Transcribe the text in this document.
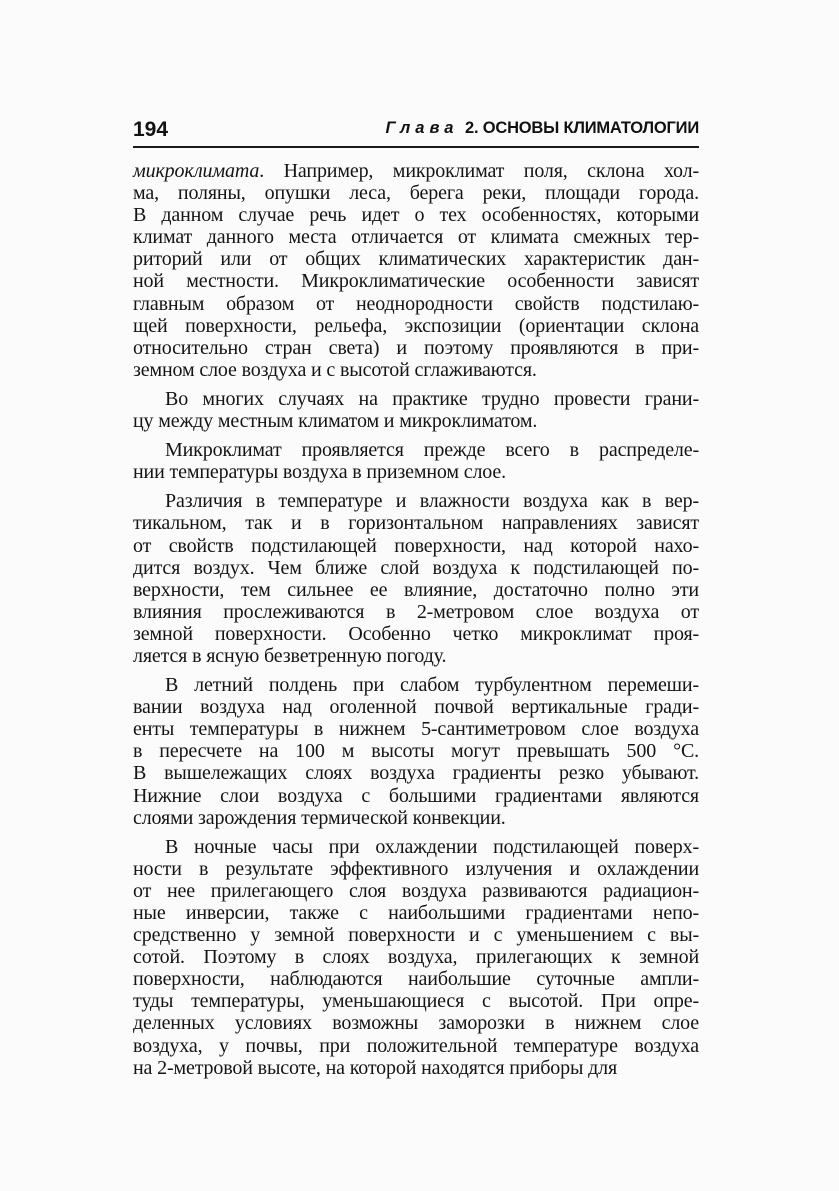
194	Глава 2. ОСНОВЫ КЛИМАТОЛОГИИ
микроклимата. Например, микроклимат поля, склона хол-
ма, поляны, опушки леса, берега реки, площади города.
В данном случае речь идет о тех особенностях, которыми
климат данного места отличается от климата смежных тер-
риторий или от общих климатических характеристик дан-
ной местности. Микроклиматические особенности зависят
главным образом от неоднородности свойств подстилаю-
щей поверхности, рельефа, экспозиции (ориентации склона
относительно стран света) и поэтому проявляются в при-
земном слое воздуха и с высотой сглаживаются.
Во многих случаях на практике трудно провести грани-
цу между местным климатом и микроклиматом.
Микроклимат проявляется прежде всего в распределе-
нии температуры воздуха в приземном слое.
Различия в температуре и влажности воздуха как в вер-
тикальном, так и в горизонтальном направлениях зависят
от свойств подстилающей поверхности, над которой нахо-
дится воздух. Чем ближе слой воздуха к подстилающей по-
верхности, тем сильнее ее влияние, достаточно полно эти
влияния прослеживаются в 2-метровом слое воздуха от
земной поверхности. Особенно четко микроклимат проя-
ляется в ясную безветренную погоду.
В летний полдень при слабом турбулентном перемеши-
вании воздуха над оголенной почвой вертикальные гради-
енты температуры в нижнем 5-сантиметровом слое воздуха
в пересчете на 100 м высоты могут превышать 500 °С.
В вышележащих слоях воздуха градиенты резко убывают.
Нижние слои воздуха с большими градиентами являются
слоями зарождения термической конвекции.
В ночные часы при охлаждении подстилающей поверх-
ности в результате эффективного излучения и охлаждении
от нее прилегающего слоя воздуха развиваются радиацион-
ные инверсии, также с наибольшими градиентами непо-
средственно у земной поверхности и с уменьшением с вы-
сотой. Поэтому в слоях воздуха, прилегающих к земной
поверхности, наблюдаются наибольшие суточные ампли-
туды температуры, уменьшающиеся с высотой. При опре-
деленных условиях возможны заморозки в нижнем слое
воздуха, у почвы, при положительной температуре воздуха
на 2-метровой высоте, на которой находятся приборы для
